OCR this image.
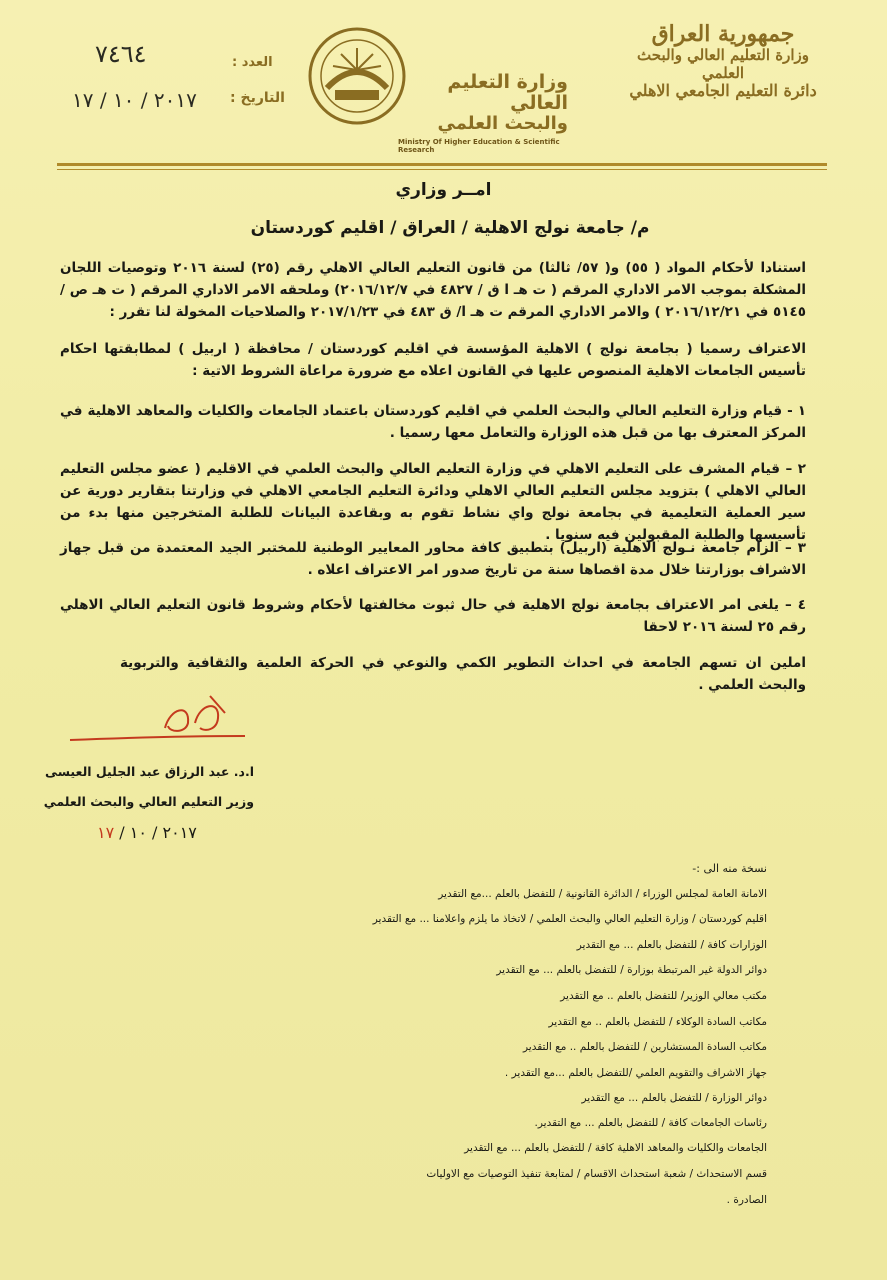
جمهورية العراق
وزارة التعليم العالي والبحث العلمي
دائرة التعليم الجامعي الاهلي
وزارة التعليم العالي
والبحث العلمي
Ministry Of Higher Education & Scientific Research
العدد :
٧٤٦٤
التاريخ :
٢٠١٧ / ١٠ / ١٧
امــر وزاري
م/ جامعة نولج الاهلية / العراق / اقليم كوردستان
استنادا لأحكام المواد ( ٥٥) و( ٥٧/ ثالثا) من قانون التعليم العالي الاهلي رقم (٢٥) لسنة ٢٠١٦ وتوصيات اللجان المشكلة بموجب الامر الاداري المرقم ( ت هـ ا ق / ٤٨٢٧ في ٢٠١٦/١٢/٧) وملحقه الامر الاداري المرقم ( ت هـ ص /٥١٤٥ في ٢٠١٦/١٢/٢١ ) والامر الاداري المرقم ت هـ ا/ ق ٤٨٣ في ٢٠١٧/١/٢٣ والصلاحيات المخولة لنا تقرر :
الاعتراف رسميا ( بجامعة نولج ) الاهلية المؤسسة في اقليم كوردستان / محافظة ( اربيل ) لمطابقتها احكام تأسيس الجامعات الاهلية المنصوص عليها في القانون اعلاه مع ضرورة مراعاة الشروط الاتية :
١ - قيام وزارة التعليم العالي والبحث العلمي في اقليم كوردستان باعتماد الجامعات والكليات والمعاهد الاهلية في المركز المعترف بها من قبل هذه الوزارة والتعامل معها رسميا .
٢ – قيام المشرف على التعليم الاهلي في وزارة التعليم العالي والبحث العلمي في الاقليم ( عضو مجلس التعليم العالي الاهلي ) بتزويد مجلس التعليم العالي الاهلي ودائرة التعليم الجامعي الاهلي في وزارتنا بتقارير دورية عن سير العملية التعليمية في بجامعة نولج واي نشاط تقوم به وبقاعدة البيانات للطلبة المتخرجين منها بدء من تأسيسها والطلبة المقبولين فيه سنويا .
٣ – الزام جامعة نـولج الاهلية (اربيل) بتطبيق كافة محاور المعايير الوطنية للمختبر الجيد المعتمدة من قبل جهاز الاشراف بوزارتنا خلال مدة اقصاها سنة من تاريخ صدور امر الاعتراف اعلاه .
٤ – يلغى امر الاعتراف بجامعة نولج الاهلية في حال ثبوت مخالفتها لأحكام وشروط قانون التعليم العالي الاهلي رقم ٢٥ لسنة ٢٠١٦ لاحقا
املين ان تسهم الجامعة في احداث التطوير الكمي والنوعي في الحركة العلمية والثقافية والتربوية والبحث العلمي .
ا.د. عبد الرزاق عبد الجليل العيسى
وزير التعليم العالي والبحث العلمي
٢٠١٧ / ١٠ / ١٧
نسخة منه الى :-
الامانة العامة لمجلس الوزراء / الدائرة القانونية / للتفضل بالعلم ...مع التقدير
اقليم كوردستان / وزارة التعليم العالي والبحث العلمي / لاتخاذ ما يلزم واعلامنا ... مع التقدير
الوزارات كافة / للتفضل بالعلم ... مع التقدير
دوائر الدولة غير المرتبطة بوزارة / للتفضل بالعلم ... مع التقدير
مكتب معالي الوزير/ للتفضل بالعلم .. مع التقدير
مكاتب السادة الوكلاء / للتفضل بالعلم .. مع التقدير
مكاتب السادة المستشارين / للتفضل بالعلم .. مع التقدير
جهاز الاشراف والتقويم العلمي /للتفضل بالعلم ...مع التقدير .
دوائر الوزارة / للتفضل بالعلم ... مع التقدير
رئاسات الجامعات كافة / للتفضل بالعلم ... مع التقدير.
الجامعات والكليات والمعاهد الاهلية كافة / للتفضل بالعلم ... مع التقدير
قسم الاستحداث / شعبة استحداث الاقسام / لمتابعة تنفيذ التوصيات مع الاوليات
الصادرة .
